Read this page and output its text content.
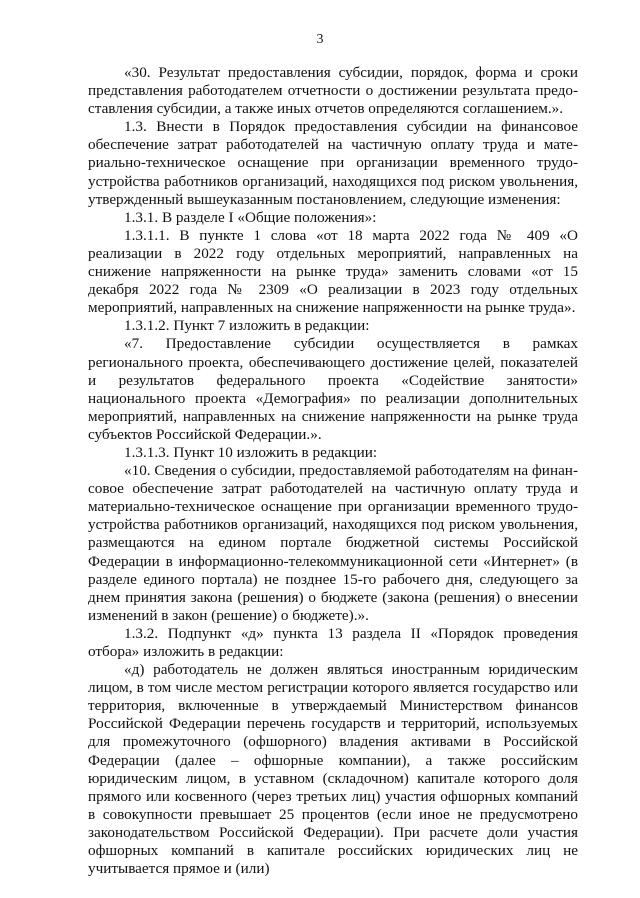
3

«30. Результат предоставления субсидии, порядок, форма и сроки представления работодателем отчетности о достижении результата предоставления субсидии, а также иных отчетов определяются соглашением.».

1.3. Внести в Порядок предоставления субсидии на финансовое обеспечение затрат работодателей на частичную оплату труда и материально-техническое оснащение при организации временного трудоустройства работников организаций, находящихся под риском увольнения, утвержденный вышеуказанным постановлением, следующие изменения:

1.3.1. В разделе I «Общие положения»:

1.3.1.1. В пункте 1 слова «от 18 марта 2022 года № 409 «О реализации в 2022 году отдельных мероприятий, направленных на снижение напряженности на рынке труда» заменить словами «от 15 декабря 2022 года № 2309 «О реализации в 2023 году отдельных мероприятий, направленных на снижение напряженности на рынке труда».

1.3.1.2. Пункт 7 изложить в редакции:

«7. Предоставление субсидии осуществляется в рамках регионального проекта, обеспечивающего достижение целей, показателей и результатов федерального проекта «Содействие занятости» национального проекта «Демография» по реализации дополнительных мероприятий, направленных на снижение напряженности на рынке труда субъектов Российской Федерации.».

1.3.1.3. Пункт 10 изложить в редакции:

«10. Сведения о субсидии, предоставляемой работодателям на финансовое обеспечение затрат работодателей на частичную оплату труда и материально-техническое оснащение при организации временного трудоустройства работников организаций, находящихся под риском увольнения, размещаются на едином портале бюджетной системы Российской Федерации в информационно-телекоммуникационной сети «Интернет» (в разделе единого портала) не позднее 15-го рабочего дня, следующего за днем принятия закона (решения) о бюджете (закона (решения) о внесении изменений в закон (решение) о бюджете).».

1.3.2. Подпункт «д» пункта 13 раздела II «Порядок проведения отбора» изложить в редакции:

«д) работодатель не должен являться иностранным юридическим лицом, в том числе местом регистрации которого является государство или территория, включенные в утверждаемый Министерством финансов Российской Федерации перечень государств и территорий, используемых для промежуточного (офшорного) владения активами в Российской Федерации (далее – офшорные компании), а также российским юридическим лицом, в уставном (складочном) капитале которого доля прямого или косвенного (через третьих лиц) участия офшорных компаний в совокупности превышает 25 процентов (если иное не предусмотрено законодательством Российской Федерации). При расчете доли участия офшорных компаний в капитале российских юридических лиц не учитывается прямое и (или)
